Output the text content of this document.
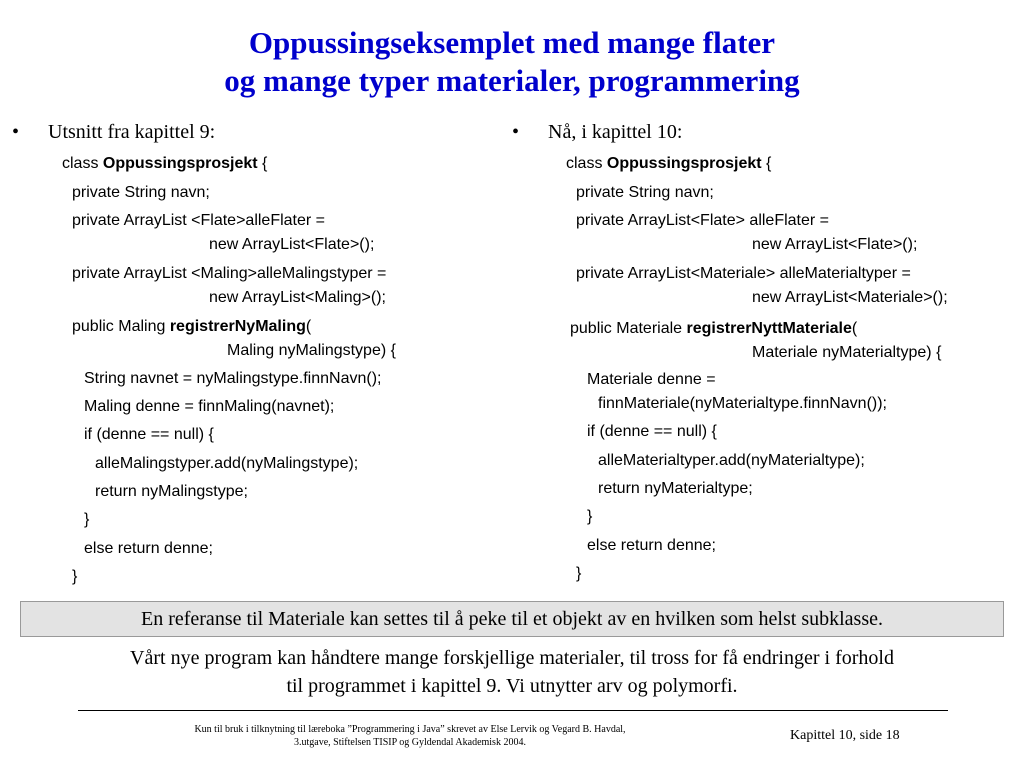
Oppussingseksemplet med mange flater
og mange typer materialer, programmering
• Utsnitt fra kapittel 9:
class Oppussingsprosjekt {
private String navn;
private ArrayList <Flate>alleFlater =
new ArrayList<Flate>();
private ArrayList <Maling>alleMalingstyper =
new ArrayList<Maling>();
public Maling registrerNyMaling(
Maling nyMalingstype) {
String navnet = nyMalingstype.finnNavn();
Maling denne = finnMaling(navnet);
if (denne == null) {
alleMalingstyper.add(nyMalingstype);
return nyMalingstype;
}
else return denne;
}
• Nå, i kapittel 10:
class Oppussingsprosjekt {
private String navn;
private ArrayList<Flate> alleFlater =
new ArrayList<Flate>();
private ArrayList<Materiale> alleMaterialtyper =
new ArrayList<Materiale>();
public Materiale registrerNyttMateriale(
Materiale nyMaterialtype) {
Materiale denne =
finnMateriale(nyMaterialtype.finnNavn());
if (denne == null) {
alleMaterialtyper.add(nyMaterialtype);
return nyMaterialtype;
}
else return denne;
}
En referanse til Materiale kan settes til å peke til et objekt av en hvilken som helst subklasse.
Vårt nye program kan håndtere mange forskjellige materialer, til tross for få endringer i forhold
til programmet i kapittel 9. Vi utnytter arv og polymorfi.
Kun til bruk i tilknytning til læreboka ”Programmering i Java” skrevet av Else Lervik og Vegard B. Havdal,
3.utgave, Stiftelsen TISIP og Gyldendal Akademisk 2004.	Kapittel 10, side 18
